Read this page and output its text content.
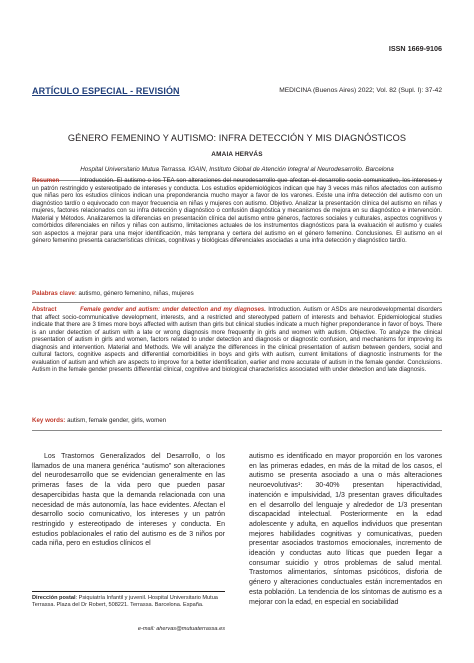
ISSN 1669-9106
ARTÍCULO ESPECIAL - REVISIÓN	MEDICINA (Buenos Aires) 2022; Vol. 82 (Supl. I): 37-42
GÉNERO FEMENINO Y AUTISMO: INFRA DETECCIÓN Y MIS DIAGNÓSTICOS
AMAIA HERVÁS
Hospital Universitario Mutua Terrassa. IGAIN, Instituto Global de Atención Integral al Neurodesarrollo. Barcelona
Resumen	Introducción. El autismo o los TEA son alteraciones del neurodesarrollo que afectan el desarrollo socio comunicativo, los intereses y un patrón restringido y estereotipado de intereses y conducta. Los estudios epidemiológicos indican que hay 3 veces más niños afectados con autismo que niñas pero los estudios clínicos indican una preponderancia mucho mayor a favor de los varones. Existe una infra detección del autismo con un diagnóstico tardío o equivocado con mayor frecuencia en niñas y mujeres con autismo. Objetivo. Analizar la presentación clínica del autismo en niñas y mujeres, factores relacionados con su infra detección y diagnóstico o confusión diagnóstica y mecanismos de mejora en su diagnóstico e intervención. Material y Métodos. Analizaremos la diferencias en presentación clínica del autismo entre géneros, factores sociales y culturales, aspectos cognitivos y comórbidos diferenciales en niños y niñas con autismo, limitaciones actuales de los instrumentos diagnósticos para la evaluación el autismo y cuales son aspectos a mejorar para una mejor identificación, más temprana y certera del autismo en el género femenino. Conclusiones. El autismo en el género femenino presenta características clínicas, cognitivas y biológicas diferenciales asociadas a una infra detección y diagnóstico tardío.
Palabras clave: autismo, género femenino, niñas, mujeres
Abstract	Female gender and autism: under detection and my diagnoses. Introduction. Autism or ASDs are neurodevelopmental disorders that affect socio-communicative development, interests, and a restricted and stereotyped pattern of interests and behavior. Epidemiological studies indicate that there are 3 times more boys affected with autism than girls but clinical studies indicate a much higher preponderance in favor of boys. There is an under detection of autism with a late or wrong diagnosis more frequently in girls and women with autism. Objective. To analyze the clinical presentation of autism in girls and women, factors related to under detection and diagnosis or diagnostic confusion, and mechanisms for improving its diagnosis and intervention. Material and Methods. We will analyze the differences in the clinical presentation of autism between genders, social and cultural factors, cognitive aspects and differential comorbidities in boys and girls with autism, current limitations of diagnostic instruments for the evaluation of autism and which are aspects to improve for a better identification, earlier and more accurate of autism in the female gender. Conclusions. Autism in the female gender presents differential clinical, cognitive and biological characteristics associated with under detection and late diagnosis.
Key words: autism, female gender, girls, women

Los Trastornos Generalizados del Desarrollo, o los llamados de una manera genérica “autismo” son alteraciones del neurodesarrollo que se evidencian generalmente en las primeras fases de la vida pero que pueden pasar desapercibidas hasta que la demanda relacionada con una necesidad de más autonomía, las hace evidentes. Afectan el desarrollo socio comunicativo, los intereses y un patrón restringido y estereotipado de intereses y conducta. En estudios poblacionales el ratio del autismo es de 3 niños por cada niña, pero en estudios clínicos el

autismo es identificado en mayor proporción en los varones en las primeras edades, en más de la mitad de los casos, el autismo se presenta asociado a una o más alteraciones neuroevolutivas¹: 30-40% presentan hiperactividad, inatención e impulsividad, 1/3 presentan graves dificultades en el desarrollo del lenguaje y alrededor de 1/3 presentan discapacidad intelectual. Posteriormente en la edad adolescente y adulta, en aquellos individuos que presentan mejores habilidades cognitivas y comunicativas, pueden presentar asociados trastornos emocionales, incremento de ideación y conductas auto líticas que pueden llegar a consumar suicidio y otros problemas de salud mental. Trastornos alimentarios, síntomas psicóticos, disforia de género y alteraciones conductuales están incrementados en esta población. La tendencia de los síntomas de autismo es a mejorar con la edad, en especial en sociabilidad

Dirección postal: Psiquiatría Infantil y juvenil. Hospital Universitario Mutua Terrassa. Plaza del Dr Robert, 508221. Terrassa. Barcelona. España.
e-mail: ahervas@mutuaterrassa.es
